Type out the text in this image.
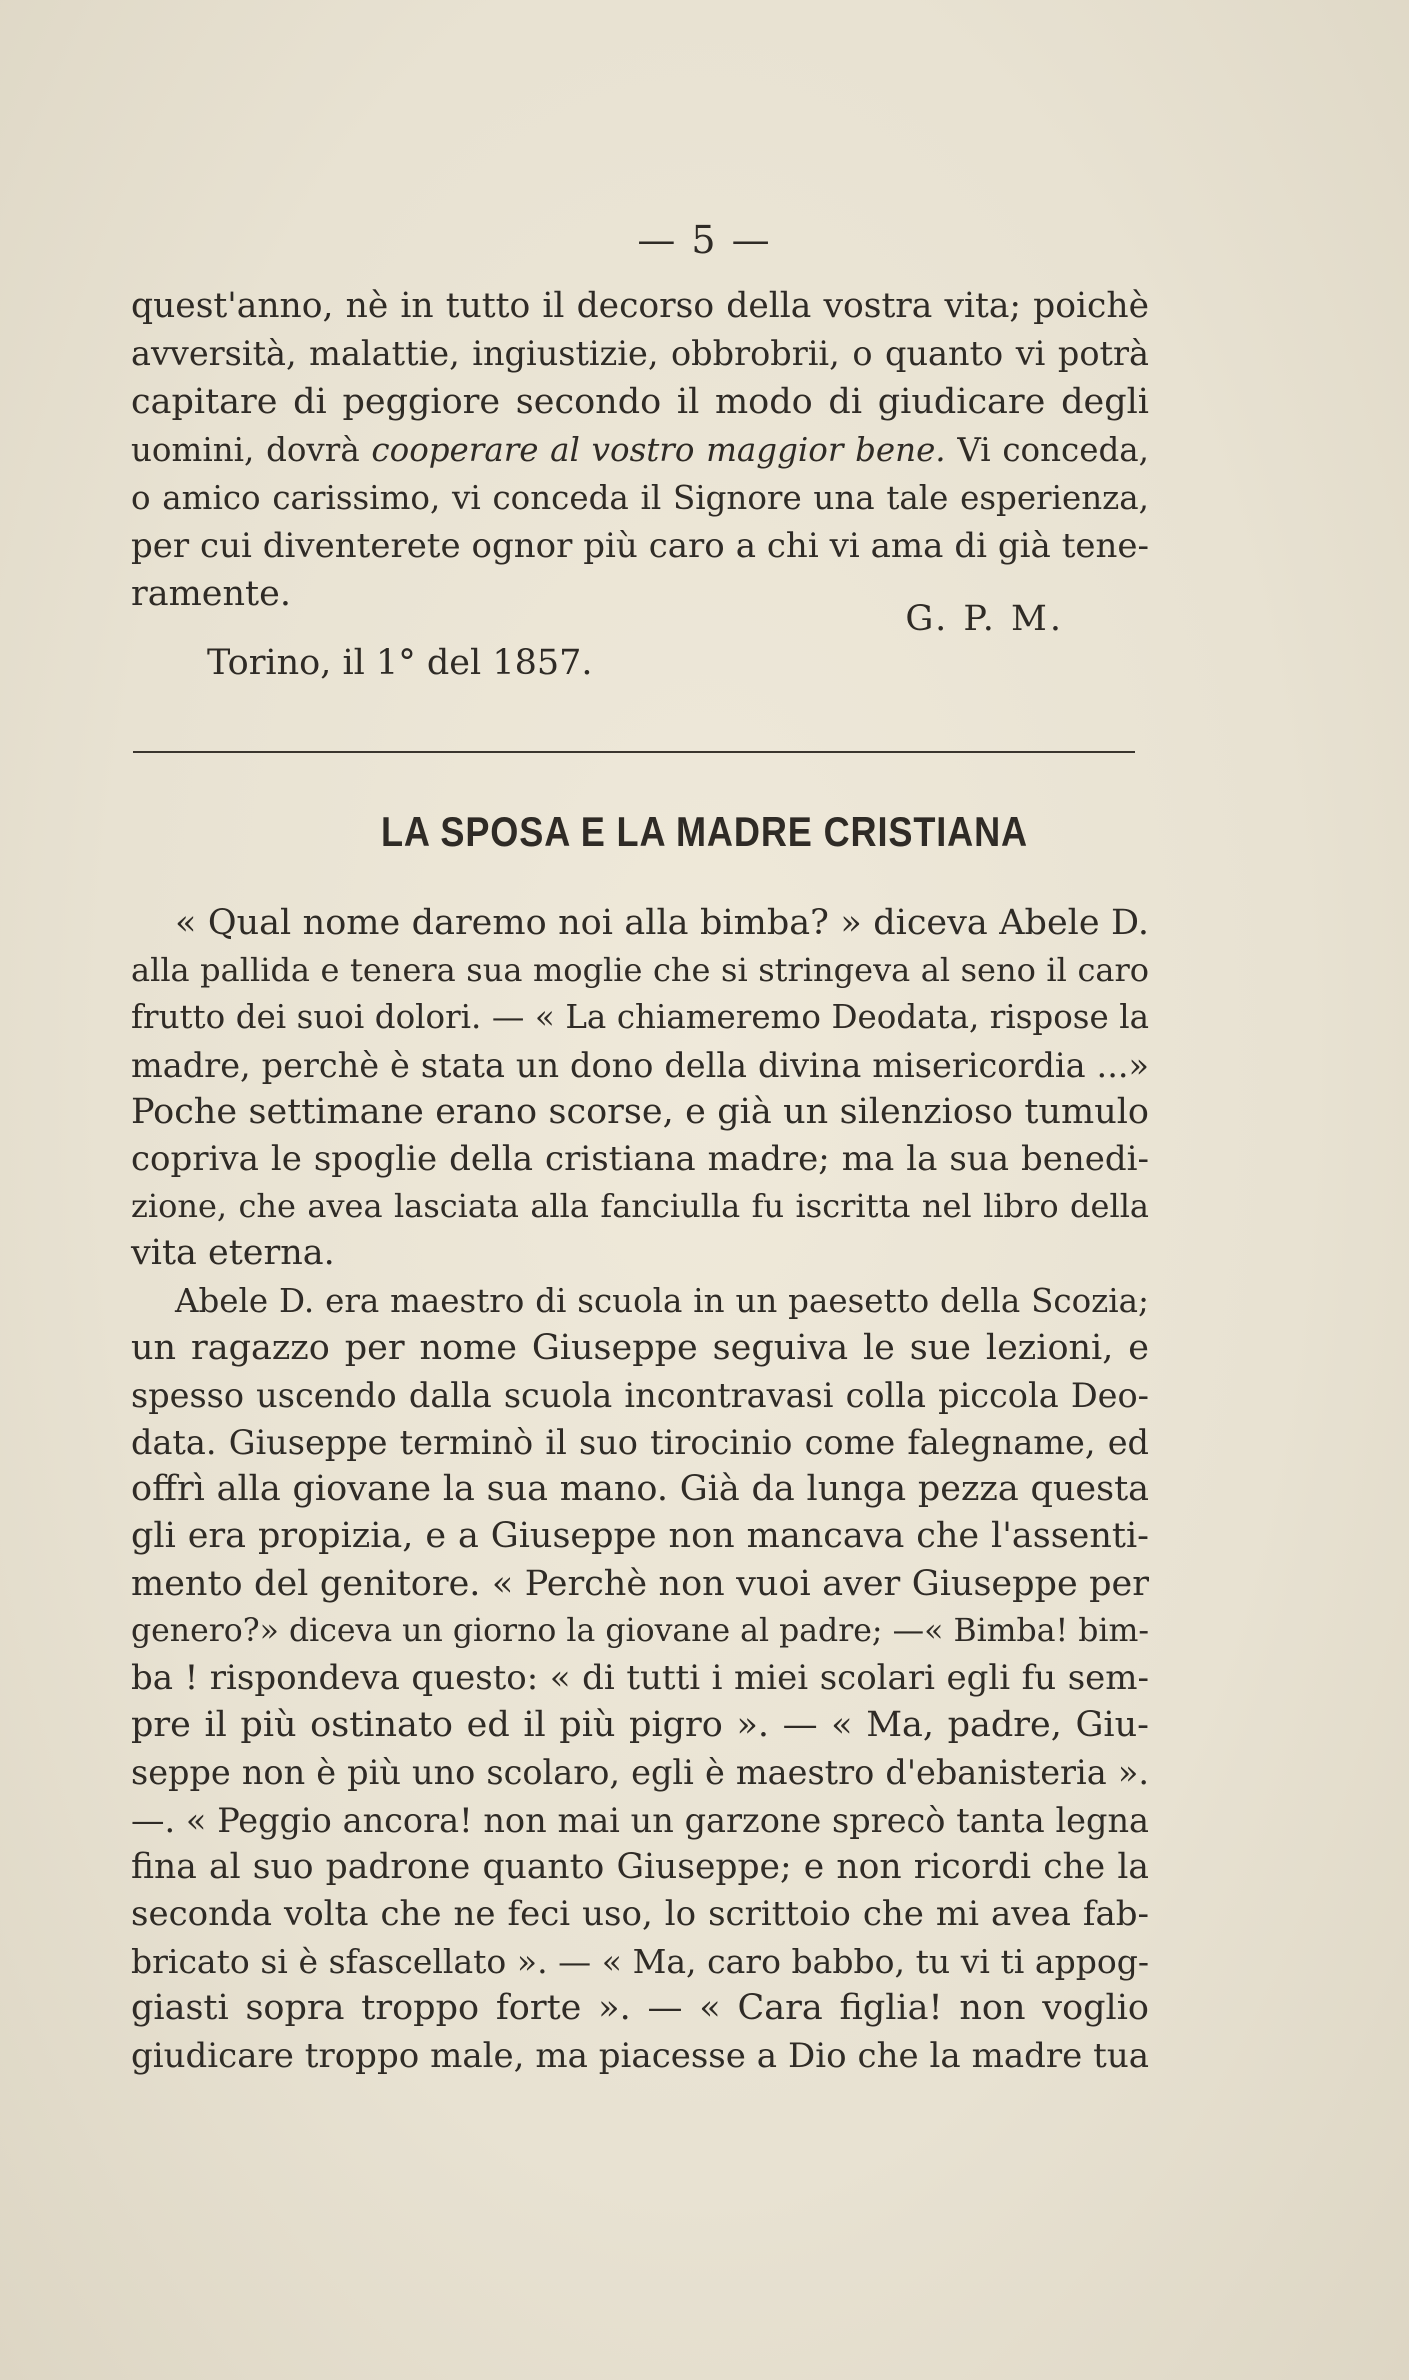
— 5 —
quest'anno, nè in tutto il decorso della vostra vita; poichè
avversità, malattie, ingiustizie, obbrobrii, o quanto vi potrà
capitare di peggiore secondo il modo di giudicare degli
uomini, dovrà cooperare al vostro maggior bene. Vi conceda,
o amico carissimo, vi conceda il Signore una tale esperienza,
per cui diventerete ognor più caro a chi vi ama di già tene-
ramente.
G. P. M.
Torino, il 1° del 1857.
LA SPOSA E LA MADRE CRISTIANA
« Qual nome daremo noi alla bimba? » diceva Abele D.
alla pallida e tenera sua moglie che si stringeva al seno il caro
frutto dei suoi dolori. — « La chiameremo Deodata, rispose la
madre, perchè è stata un dono della divina misericordia ...»
Poche settimane erano scorse, e già un silenzioso tumulo
copriva le spoglie della cristiana madre; ma la sua benedi-
zione, che avea lasciata alla fanciulla fu iscritta nel libro della
vita eterna.
Abele D. era maestro di scuola in un paesetto della Scozia;
un ragazzo per nome Giuseppe seguiva le sue lezioni, e
spesso uscendo dalla scuola incontravasi colla piccola Deo-
data. Giuseppe terminò il suo tirocinio come falegname, ed
offrì alla giovane la sua mano. Già da lunga pezza questa
gli era propizia, e a Giuseppe non mancava che l'assenti-
mento del genitore. « Perchè non vuoi aver Giuseppe per
genero?» diceva un giorno la giovane al padre; —« Bimba! bim-
ba ! rispondeva questo: « di tutti i miei scolari egli fu sem-
pre il più ostinato ed il più pigro ». — « Ma, padre, Giu-
seppe non è più uno scolaro, egli è maestro d'ebanisteria ».
—. « Peggio ancora! non mai un garzone sprecò tanta legna
fina al suo padrone quanto Giuseppe; e non ricordi che la
seconda volta che ne feci uso, lo scrittoio che mi avea fab-
bricato si è sfascellato ». — « Ma, caro babbo, tu vi ti appog-
giasti sopra troppo forte ». — « Cara figlia! non voglio
giudicare troppo male, ma piacesse a Dio che la madre tua
